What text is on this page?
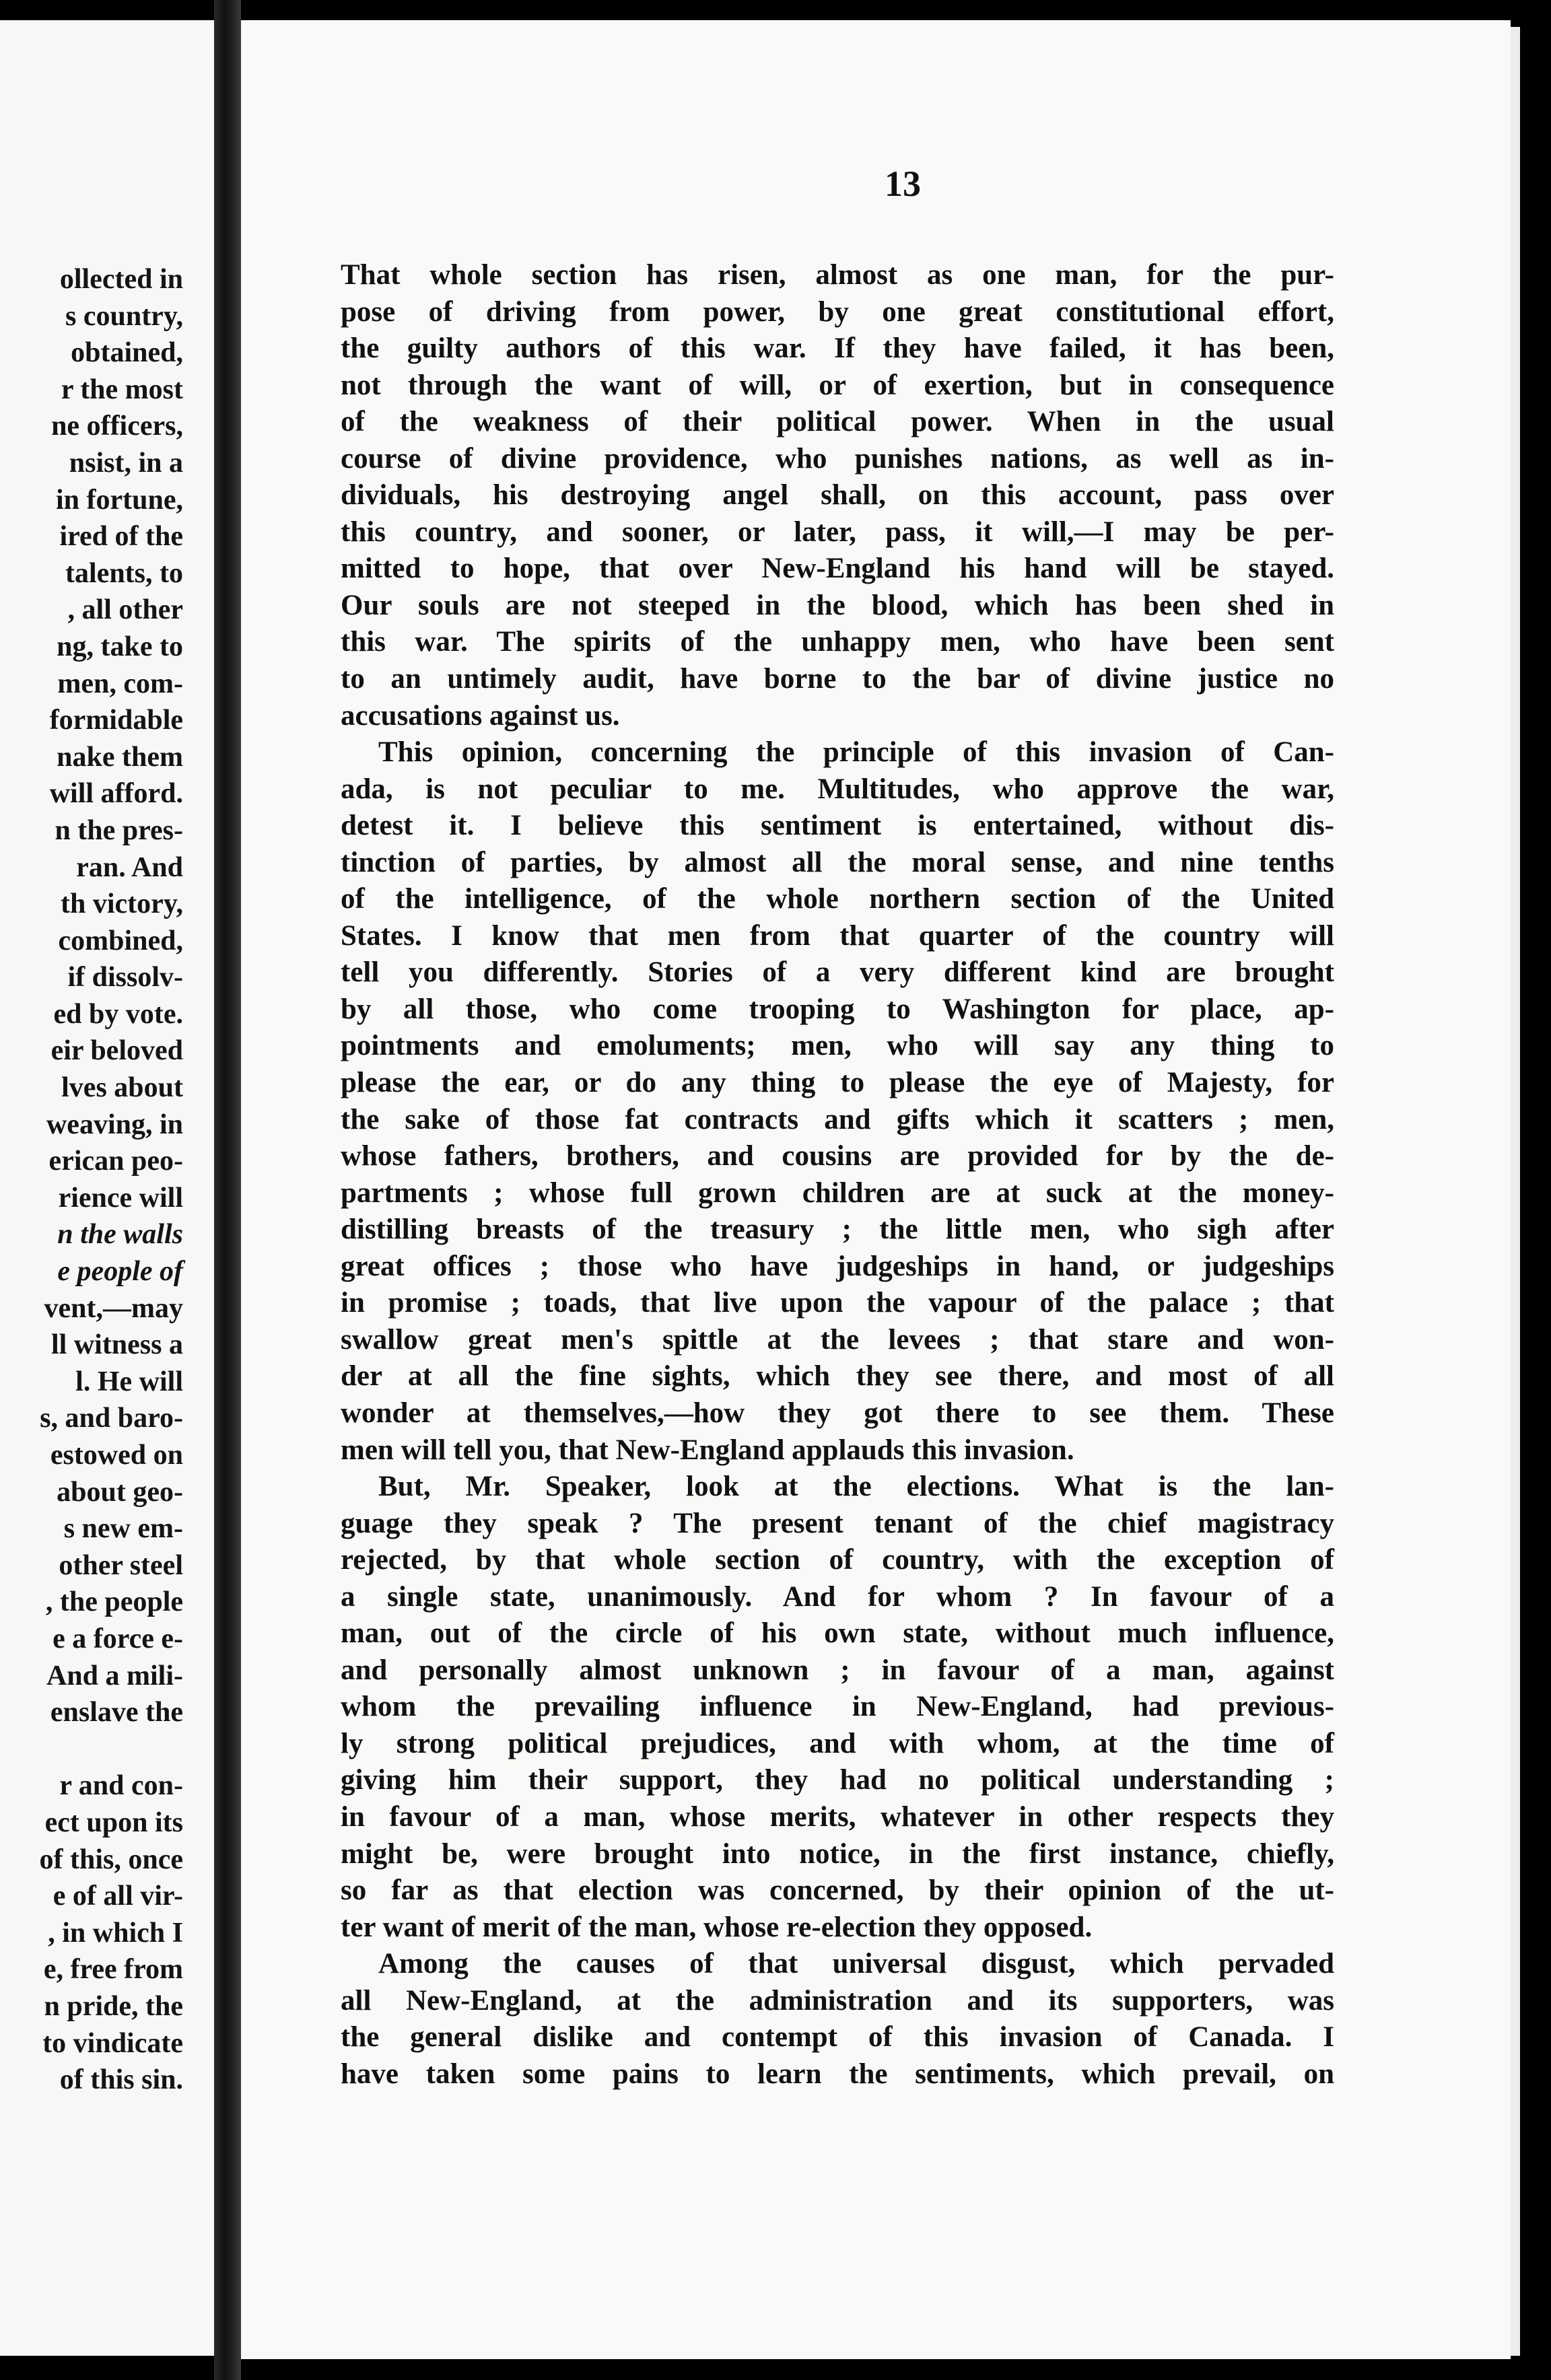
ollected in
s country,
obtained,
r the most
ne officers,
nsist, in a
in fortune,
ired of the
talents, to
, all other
ng, take to
men, com-
formidable
nake them
will afford.
n the pres-
ran. And
th victory,
combined,
if dissolv-
ed by vote.
eir beloved
lves about
weaving, in
erican peo-
rience will
n the walls
e people of
vent,—may
ll witness a
l. He will
s, and baro-
estowed on
about geo-
s new em-
other steel
, the people
e a force e-
And a mili-
enslave the
r and con-
ect upon its
of this, once
e of all vir-
, in which I
e, free from
n pride, the
to vindicate
of this sin.
13
That whole section has risen, almost as one man, for the pur-
pose of driving from power, by one great constitutional effort,
the guilty authors of this war. If they have failed, it has been,
not through the want of will, or of exertion, but in consequence
of the weakness of their political power. When in the usual
course of divine providence, who punishes nations, as well as in-
dividuals, his destroying angel shall, on this account, pass over
this country, and sooner, or later, pass, it will,—I may be per-
mitted to hope, that over New-England his hand will be stayed.
Our souls are not steeped in the blood, which has been shed in
this war. The spirits of the unhappy men, who have been sent
to an untimely audit, have borne to the bar of divine justice no
accusations against us.
This opinion, concerning the principle of this invasion of Can-
ada, is not peculiar to me. Multitudes, who approve the war,
detest it. I believe this sentiment is entertained, without dis-
tinction of parties, by almost all the moral sense, and nine tenths
of the intelligence, of the whole northern section of the United
States. I know that men from that quarter of the country will
tell you differently. Stories of a very different kind are brought
by all those, who come trooping to Washington for place, ap-
pointments and emoluments; men, who will say any thing to
please the ear, or do any thing to please the eye of Majesty, for
the sake of those fat contracts and gifts which it scatters ; men,
whose fathers, brothers, and cousins are provided for by the de-
partments ; whose full grown children are at suck at the money-
distilling breasts of the treasury ; the little men, who sigh after
great offices ; those who have judgeships in hand, or judgeships
in promise ; toads, that live upon the vapour of the palace ; that
swallow great men's spittle at the levees ; that stare and won-
der at all the fine sights, which they see there, and most of all
wonder at themselves,—how they got there to see them. These
men will tell you, that New-England applauds this invasion.
But, Mr. Speaker, look at the elections. What is the lan-
guage they speak ? The present tenant of the chief magistracy
rejected, by that whole section of country, with the exception of
a single state, unanimously. And for whom ? In favour of a
man, out of the circle of his own state, without much influence,
and personally almost unknown ; in favour of a man, against
whom the prevailing influence in New-England, had previous-
ly strong political prejudices, and with whom, at the time of
giving him their support, they had no political understanding ;
in favour of a man, whose merits, whatever in other respects they
might be, were brought into notice, in the first instance, chiefly,
so far as that election was concerned, by their opinion of the ut-
ter want of merit of the man, whose re-election they opposed.
Among the causes of that universal disgust, which pervaded
all New-England, at the administration and its supporters, was
the general dislike and contempt of this invasion of Canada. I
have taken some pains to learn the sentiments, which prevail, on
